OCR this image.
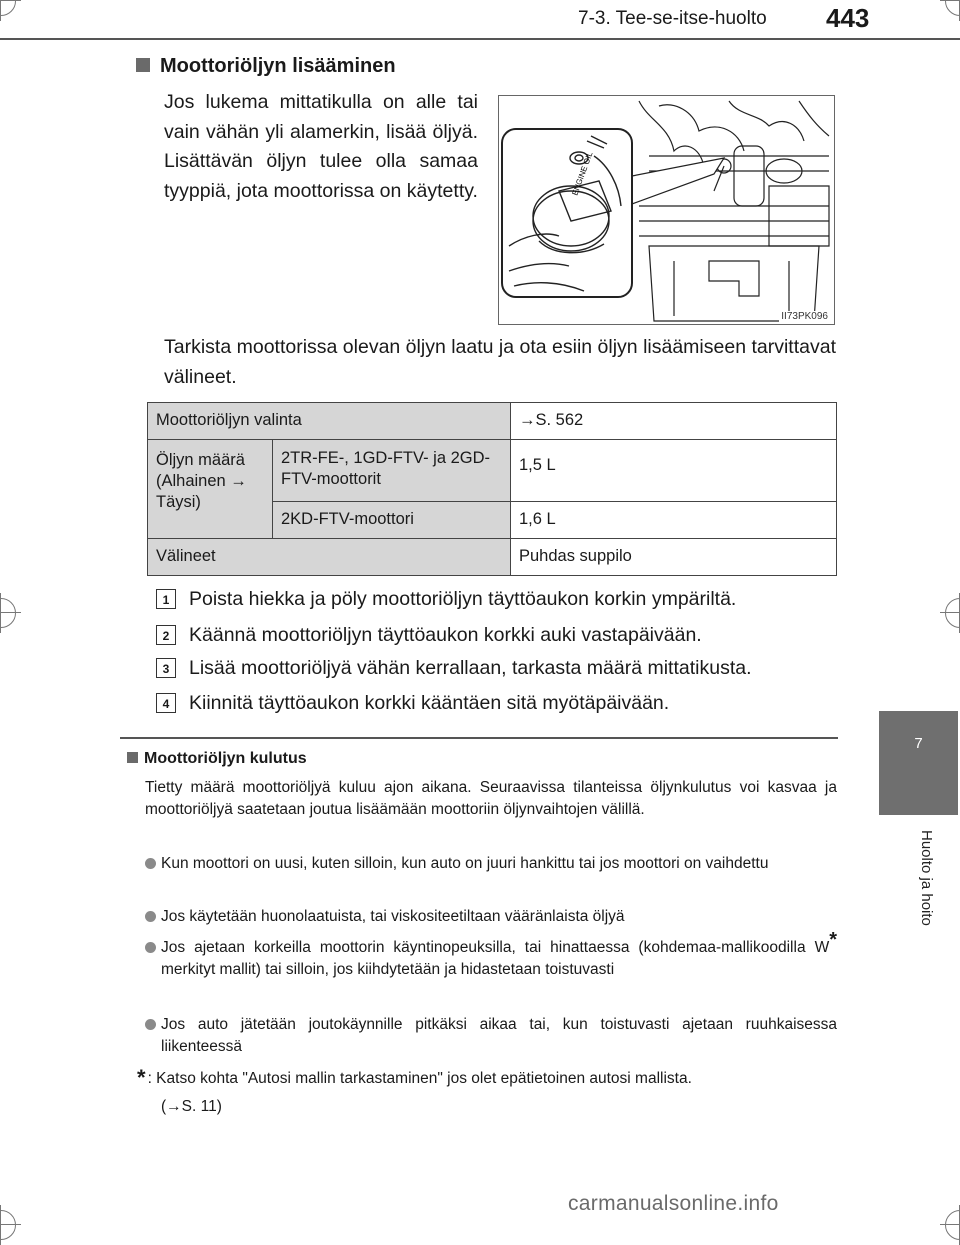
7-3. Tee-se-itse-huolto 443
7
Huolto ja hoito
Moottoriöljyn lisääminen
Jos lukema mittatikulla on alle tai vain vähän yli alamerkin, lisää öljyä. Lisättävän öljyn tulee olla samaa tyyppiä, jota moottorissa on käytetty.	ENGINE OIL
II73PK096
Tarkista moottorissa olevan öljyn laatu ja ota esiin öljyn lisäämiseen tarvittavat välineet.
Moottoriöljyn valinta		→S. 562
Öljyn määrä (Alhainen → Täysi)	2TR-FE-, 1GD-FTV- ja 2GD-FTV-moottorit	1,5 L
	2KD-FTV-moottori	1,6 L
Välineet		Puhdas suppilo
1 Poista hiekka ja pöly moottoriöljyn täyttöaukon korkin ympäriltä.
2 Käännä moottoriöljyn täyttöaukon korkki auki vastapäivään.
3 Lisää moottoriöljyä vähän kerrallaan, tarkasta määrä mittatikusta.
4 Kiinnitä täyttöaukon korkki kääntäen sitä myötäpäivään.
Moottoriöljyn kulutus
Tietty määrä moottoriöljyä kuluu ajon aikana. Seuraavissa tilanteissa öljynkulutus voi kasvaa ja moottoriöljyä saatetaan joutua lisäämään moottoriin öljynvaihtojen välillä.
Kun moottori on uusi, kuten silloin, kun auto on juuri hankittu tai jos moottori on vaihdettu
Jos käytetään huonolaatuista, tai viskositeetiltaan vääränlaista öljyä
Jos ajetaan korkeilla moottorin käyntinopeuksilla, tai hinattaessa (kohdemaa-mallikoodilla W* merkityt mallit) tai silloin, jos kiihdytetään ja hidastetaan toistuvasti
Jos auto jätetään joutokäynnille pitkäksi aikaa tai, kun toistuvasti ajetaan ruuhkaisessa liikenteessä
* : Katso kohta "Autosi mallin tarkastaminen" jos olet epätietoinen autosi mallista.
(→S. 11)
carmanualsonline.info
